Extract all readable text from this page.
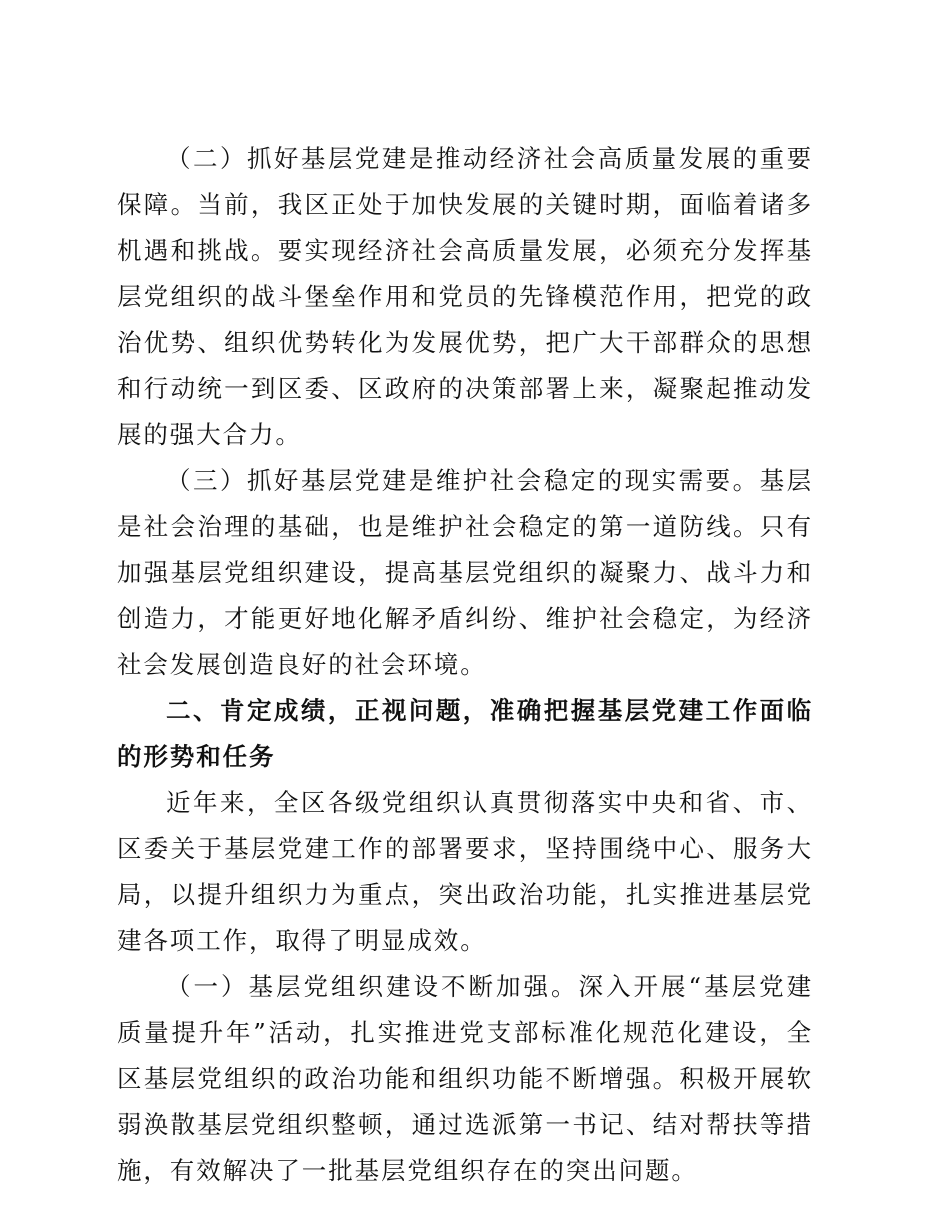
（二）抓好基层党建是推动经济社会高质量发展的重要保障。当前，我区正处于加快发展的关键时期，面临着诸多机遇和挑战。要实现经济社会高质量发展，必须充分发挥基层党组织的战斗堡垒作用和党员的先锋模范作用，把党的政治优势、组织优势转化为发展优势，把广大干部群众的思想和行动统一到区委、区政府的决策部署上来，凝聚起推动发展的强大合力。

（三）抓好基层党建是维护社会稳定的现实需要。基层是社会治理的基础，也是维护社会稳定的第一道防线。只有加强基层党组织建设，提高基层党组织的凝聚力、战斗力和创造力，才能更好地化解矛盾纠纷、维护社会稳定，为经济社会发展创造良好的社会环境。

二、肯定成绩，正视问题，准确把握基层党建工作面临的形势和任务

近年来，全区各级党组织认真贯彻落实中央和省、市、区委关于基层党建工作的部署要求，坚持围绕中心、服务大局，以提升组织力为重点，突出政治功能，扎实推进基层党建各项工作，取得了明显成效。

（一）基层党组织建设不断加强。深入开展“基层党建质量提升年”活动，扎实推进党支部标准化规范化建设，全区基层党组织的政治功能和组织功能不断增强。积极开展软弱涣散基层党组织整顿，通过选派第一书记、结对帮扶等措施，有效解决了一批基层党组织存在的突出问题。
